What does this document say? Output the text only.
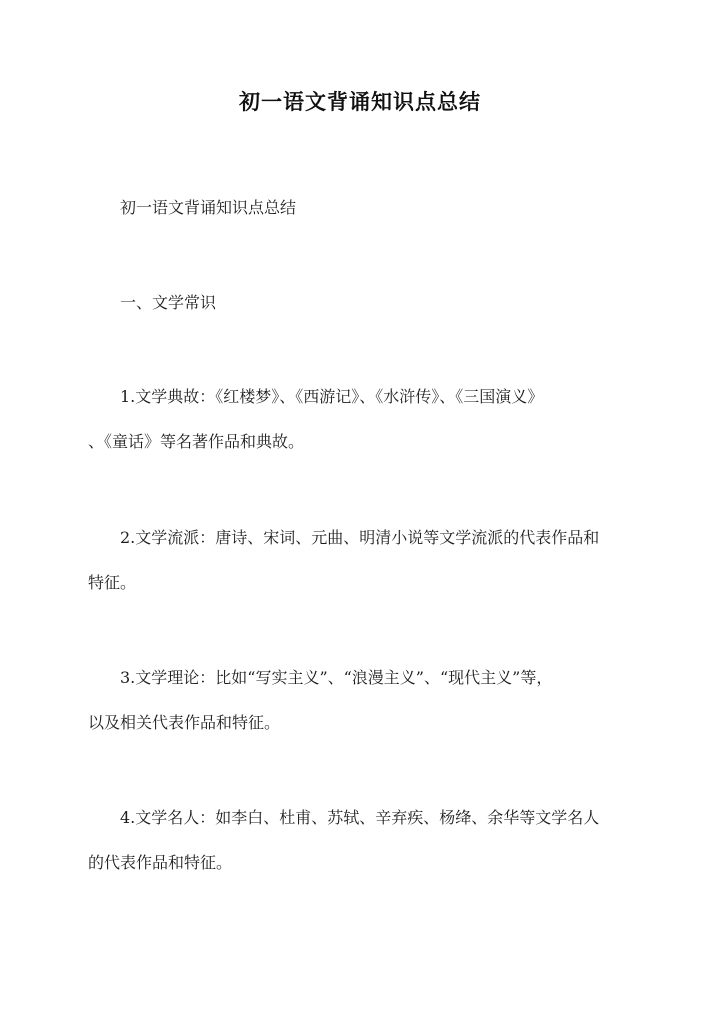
初一语文背诵知识点总结
初一语文背诵知识点总结
一、文学常识
1.文学典故：《红楼梦》、《西游记》、《水浒传》、《三国演义》
、《童话》等名著作品和典故。
2.文学流派：唐诗、宋词、元曲、明清小说等文学流派的代表作品和
特征。
3.文学理论：比如“写实主义”、“浪漫主义”、“现代主义”等，
以及相关代表作品和特征。
4.文学名人：如李白、杜甫、苏轼、辛弃疾、杨绛、余华等文学名人
的代表作品和特征。
